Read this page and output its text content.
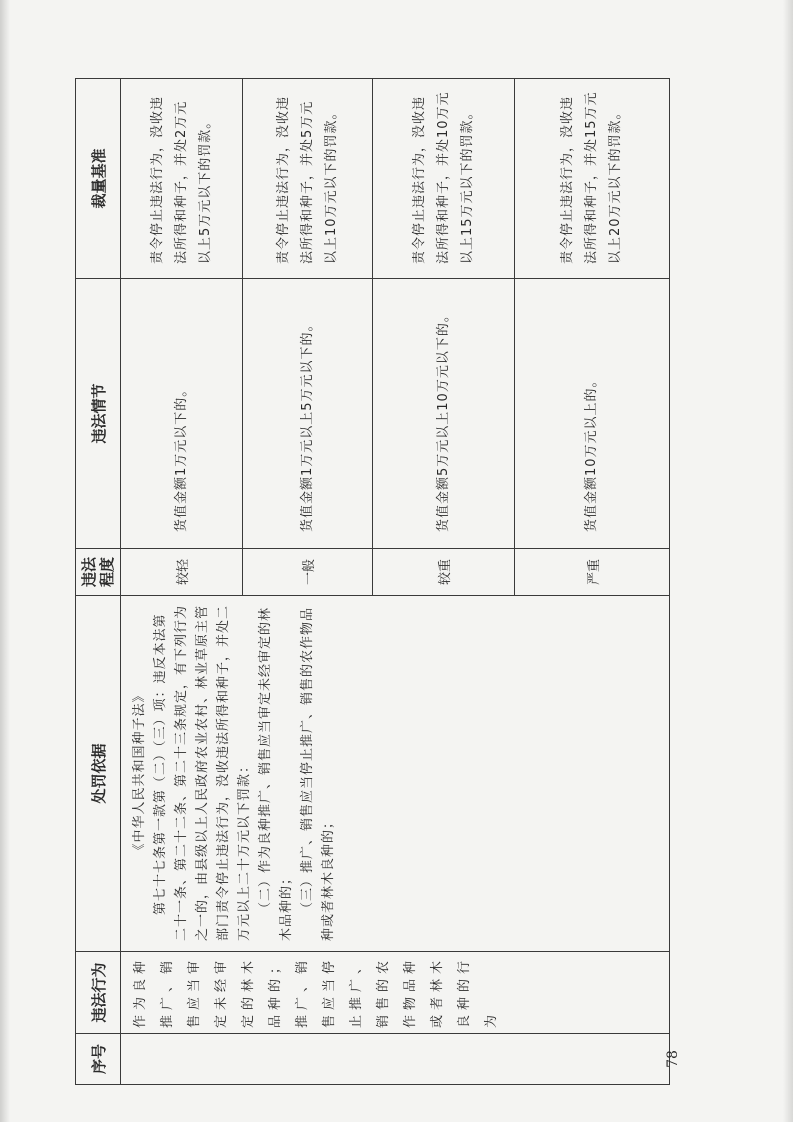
序号	违法行为	处罚依据	违法 程度	违法情节	裁量基准

78	作为良种推广、销售应当审定未经审定的林木品种的；推广、销售应当停止推广、销售的农作物品种或者林木良种的行为	《中华人民共和国种子法》 第七十七条第一款第（二）（三）项：违反本法第二十一条、第二十二条、第二十三条规定，有下列行为之一的，由县级以上人民政府农业农村、林业草原主管部门责令停止违法行为，没收违法所得和种子，并处二万元以上二十万元以下罚款： （二）作为良种推广、销售应当审定未经审定的林木品种的； （三）推广、销售应当停止推广、销售的农作物品种或者林木良种的；	较轻	货值金额1万元以下的。	责令停止违法行为，没收违法所得和种子，并处2万元以上5万元以下的罚款。
			一般	货值金额1万元以上5万元以下的。	责令停止违法行为，没收违法所得和种子，并处5万元以上10万元以下的罚款。
			较重	货值金额5万元以上10万元以下的。	责令停止违法行为，没收违法所得和种子，并处10万元以上15万元以下的罚款。
			严重	货值金额10万元以上的。	责令停止违法行为，没收违法所得和种子，并处15万元以上20万元以下的罚款。
